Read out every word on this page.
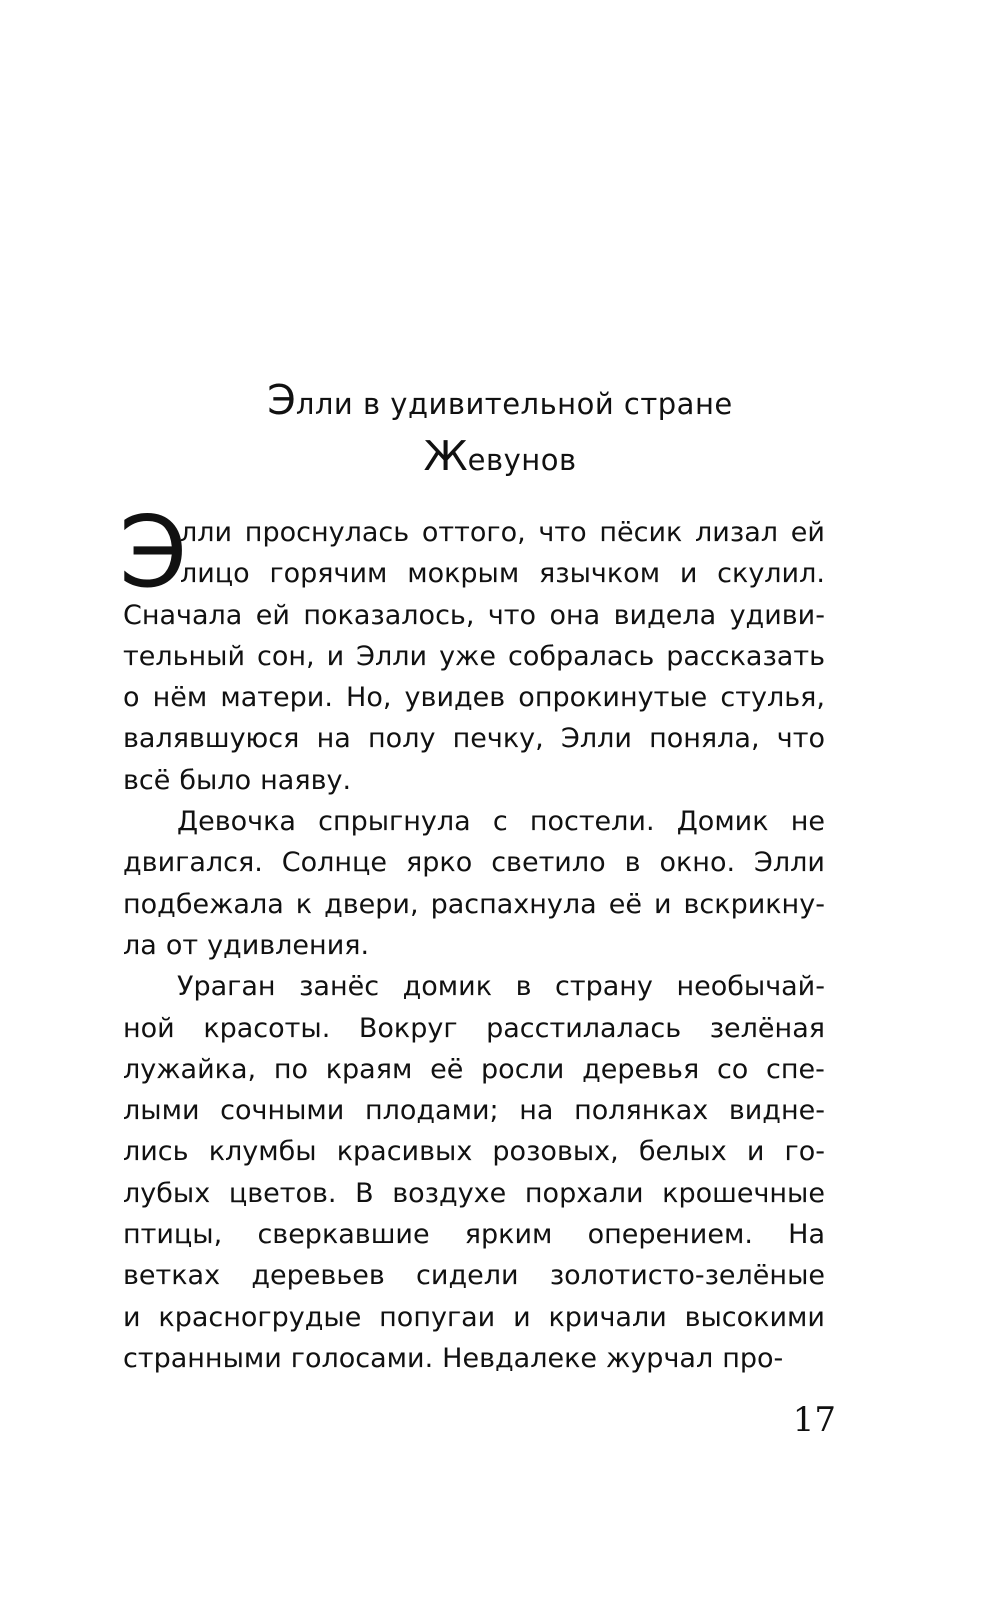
Элли в удивительной стране
Жевунов
Э
лли проснулась оттого, что пёсик лизал ей
лицо горячим мокрым язычком и скулил.
Сначала ей показалось, что она видела удиви-
тельный сон, и Элли уже собралась рассказать
о нём матери. Но, увидев опрокинутые стулья,
валявшуюся на полу печку, Элли поняла, что
всё было наяву.
Девочка спрыгнула с постели. Домик не
двигался. Солнце ярко светило в окно. Элли
подбежала к двери, распахнула её и вскрикну-
ла от удивления.
Ураган занёс домик в страну необычай-
ной красоты. Вокруг расстилалась зелёная
лужайка, по краям её росли деревья со спе-
лыми сочными плодами; на полянках видне-
лись клумбы красивых розовых, белых и го-
лубых цветов. В воздухе порхали крошечные
птицы, сверкавшие ярким оперением. На
ветках деревьев сидели золотисто-зелёные
и красногрудые попугаи и кричали высокими
странными голосами. Невдалеке журчал про-
17
